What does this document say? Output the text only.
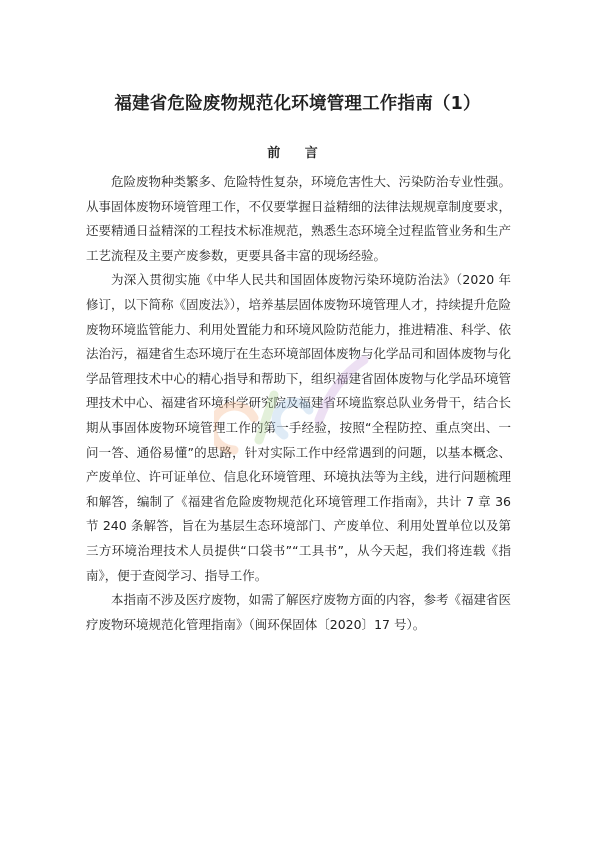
福建省危险废物规范化环境管理工作指南（1）
前 言

危险废物种类繁多、危险特性复杂，环境危害性大、污染防治专业性强。从事固体废物环境管理工作，不仅要掌握日益精细的法律法规规章制度要求，还要精通日益精深的工程技术标准规范，熟悉生态环境全过程监管业务和生产工艺流程及主要产废参数，更要具备丰富的现场经验。

为深入贯彻实施《中华人民共和国固体废物污染环境防治法》（2020 年修订，以下简称《固废法》），培养基层固体废物环境管理人才，持续提升危险废物环境监管能力、利用处置能力和环境风险防范能力，推进精准、科学、依法治污，福建省生态环境厅在生态环境部固体废物与化学品司和固体废物与化学品管理技术中心的精心指导和帮助下，组织福建省固体废物与化学品环境管理技术中心、福建省环境科学研究院及福建省环境监察总队业务骨干，结合长期从事固体废物环境管理工作的第一手经验，按照“全程防控、重点突出、一问一答、通俗易懂”的思路，针对实际工作中经常遇到的问题，以基本概念、产废单位、许可证单位、信息化环境管理、环境执法等为主线，进行问题梳理和解答，编制了《福建省危险废物规范化环境管理工作指南》，共计 7 章 36 节 240 条解答，旨在为基层生态环境部门、产废单位、利用处置单位以及第三方环境治理技术人员提供“口袋书”“工具书”，从今天起，我们将连载《指南》，便于查阅学习、指导工作。

本指南不涉及医疗废物，如需了解医疗废物方面的内容，参考《福建省医疗废物环境规范化管理指南》（闽环保固体〔2020〕17 号）。
